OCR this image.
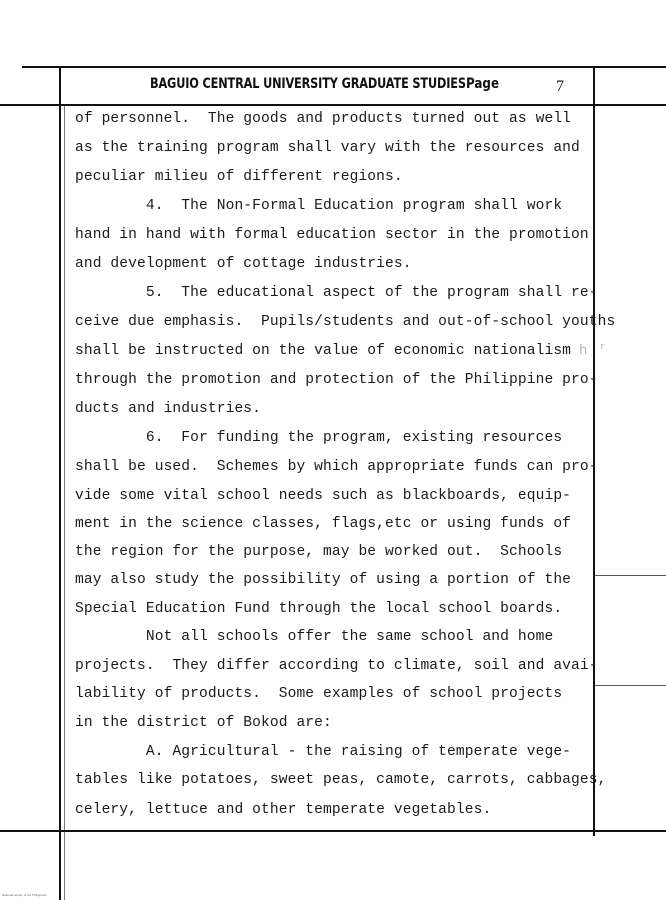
BAGUIO CENTRAL UNIVERSITY GRADUATE STUDIES Page	7
of personnel.  The goods and products turned out as well
as the training program shall vary with the resources and
peculiar milieu of different regions.
4.  The Non-Formal Education program shall work
hand in hand with formal education sector in the promotion
and development of cottage industries.
5.  The educational aspect of the program shall re-
ceive due emphasis.  Pupils/students and out-of-school youths
shall be instructed on the value of economic nationalism
through the promotion and protection of the Philippine pro-
ducts and industries.
6.  For funding the program, existing resources
shall be used.  Schemes by which appropriate funds can pro-
vide some vital school needs such as blackboards, equip-
ment in the science classes, flags,etc or using funds of
the region for the purpose, may be worked out.  Schools
may also study the possibility of using a portion of the
Special Education Fund through the local school boards.
Not all schools offer the same school and home
projects.  They differ according to climate, soil and avai-
lability of products.  Some examples of school projects
in the district of Bokod are:
A. Agricultural - the raising of temperate vege-
tables like potatoes, sweet peas, camote, carrots, cabbages,
celery, lettuce and other temperate vegetables.
h r
National Library of the Philippines
